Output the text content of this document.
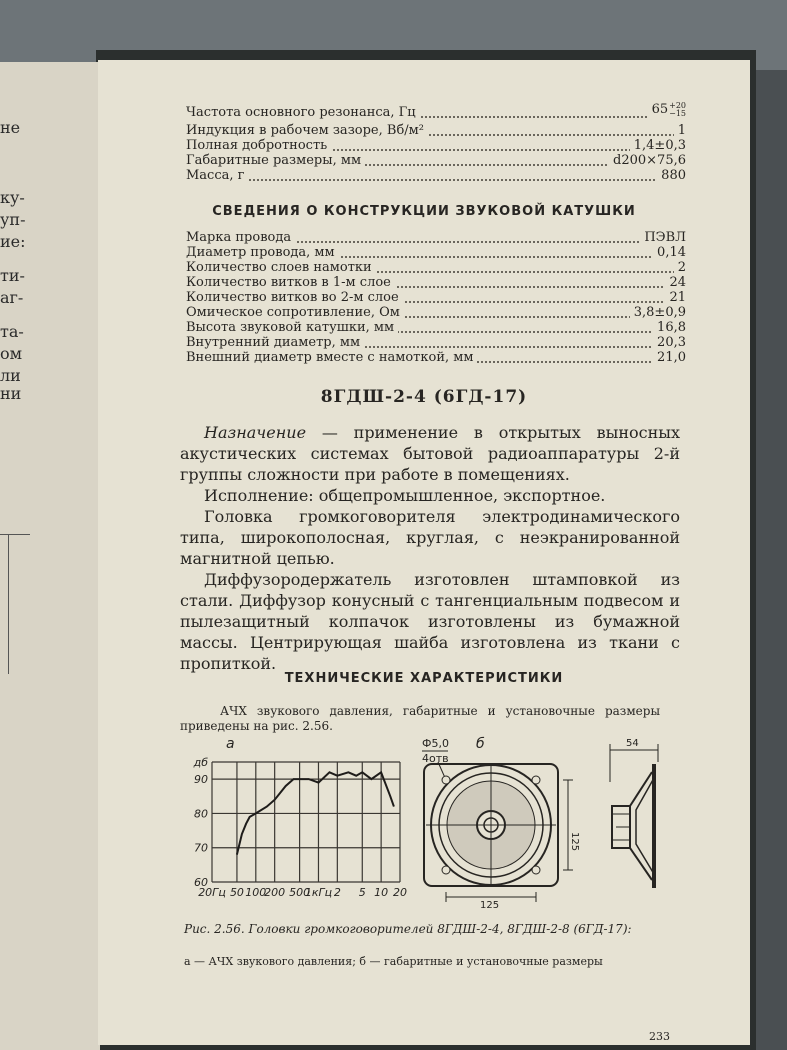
не
ку-
уп-
ие:
ти-
аг-
та-
ом
ли
ни
Частота основного резонанса, Гц	65 +20
−15
Индукция в рабочем зазоре, Вб/м²	1
Полная добротность	1,4±0,3
Габаритные размеры, мм	d200×75,6
Масса, г	880
СВЕДЕНИЯ О КОНСТРУКЦИИ ЗВУКОВОЙ КАТУШКИ
Марка провода	ПЭВЛ
Диаметр провода, мм	0,14
Количество слоев намотки	2
Количество витков в 1-м слое	24
Количество витков во 2-м слое	21
Омическое сопротивление, Ом	3,8±0,9
Высота звуковой катушки, мм	16,8
Внутренний диаметр, мм	20,3
Внешний диаметр вместе с намоткой, мм	21,0
8ГДШ-2-4 (6ГД-17)
Назначение — применение в открытых выносных акустических системах бытовой радиоаппаратуры 2-й группы сложности при работе в помещениях.
Исполнение: общепромышленное, экспортное.
Головка громкоговорителя электродинамического типа, широкополосная, круглая, с неэкранированной магнитной цепью.
Диффузородержатель изготовлен штамповкой из стали. Диффузор конусный с тангенциальным подвесом и пылезащитный колпачок изготовлены из бумажной массы. Центрирующая шайба изготовлена из ткани с пропиткой.
ТЕХНИЧЕСКИЕ ХАРАКТЕРИСТИКИ
АЧХ звукового давления, габаритные и установочные размеры приведены на рис. 2.56.
а
60
70
80
90
дб
20Гц 50 100
200 500
1кГц 2 5 10 20
б
Ф5,0
4отв
125
125
54
Рис. 2.56. Головки громкоговорителей 8ГДШ-2-4, 8ГДШ-2-8 (6ГД-17):
а — АЧХ звукового давления; б — габаритные и установочные размеры
233
